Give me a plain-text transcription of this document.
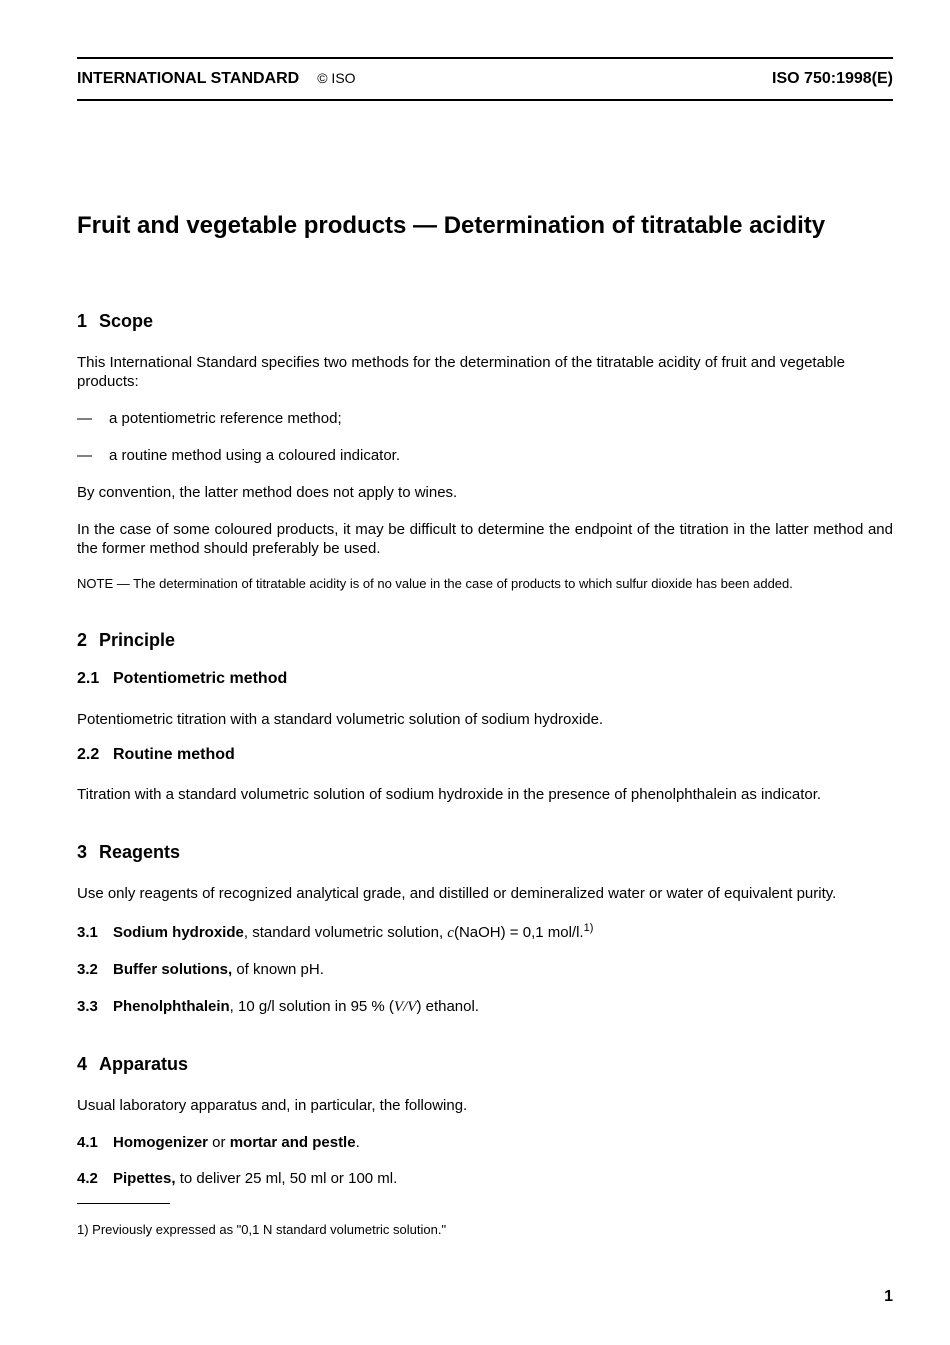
INTERNATIONAL STANDARD © ISO	ISO 750:1998(E)
Fruit and vegetable products — Determination of titratable acidity
1 Scope
This International Standard specifies two methods for the determination of the titratable acidity of fruit and vegetable products:
— a potentiometric reference method;
— a routine method using a coloured indicator.
By convention, the latter method does not apply to wines.
In the case of some coloured products, it may be difficult to determine the endpoint of the titration in the latter method and the former method should preferably be used.
NOTE — The determination of titratable acidity is of no value in the case of products to which sulfur dioxide has been added.
2 Principle
2.1 Potentiometric method
Potentiometric titration with a standard volumetric solution of sodium hydroxide.
2.2 Routine method
Titration with a standard volumetric solution of sodium hydroxide in the presence of phenolphthalein as indicator.
3 Reagents
Use only reagents of recognized analytical grade, and distilled or demineralized water or water of equivalent purity.
3.1 Sodium hydroxide, standard volumetric solution, c(NaOH) = 0,1 mol/l.$^{1)}$
3.2 Buffer solutions, of known pH.
3.3 Phenolphthalein, 10 g/l solution in 95 % (V/V) ethanol.
4 Apparatus
Usual laboratory apparatus and, in particular, the following.
4.1 Homogenizer or mortar and pestle.
4.2 Pipettes, to deliver 25 ml, 50 ml or 100 ml.
1) Previously expressed as "0,1 N standard volumetric solution."
1
